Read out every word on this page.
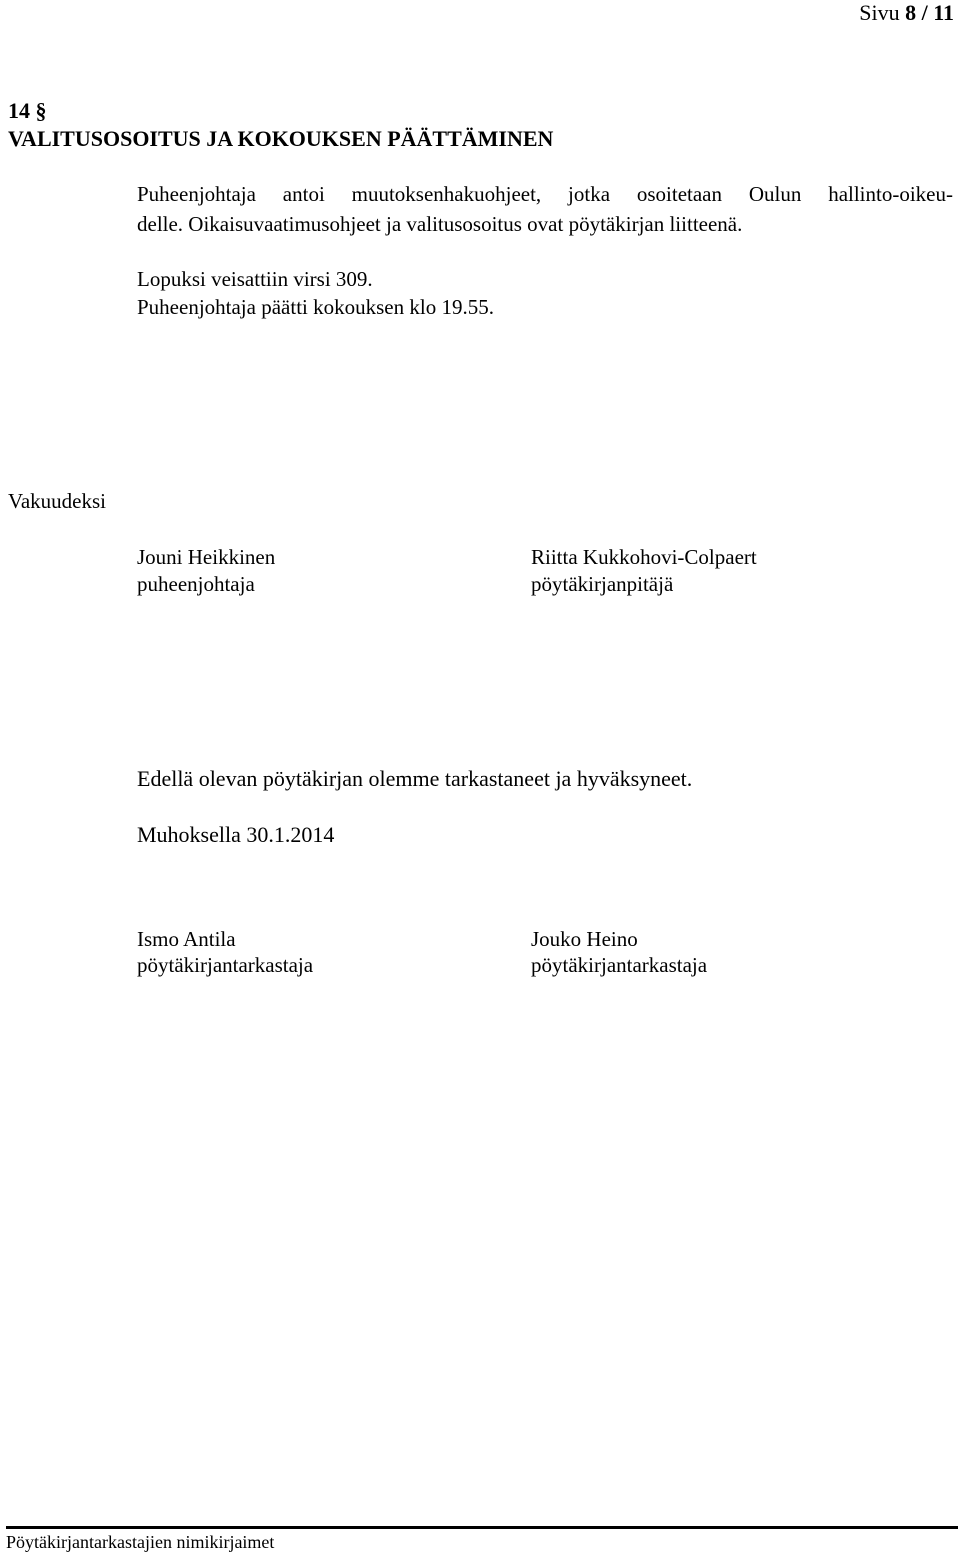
Sivu 8 / 11
14 §
VALITUSOSOITUS JA KOKOUKSEN PÄÄTTÄMINEN
Puheenjohtaja antoi muutoksenhakuohjeet, jotka osoitetaan Oulun hallinto-oikeu-
delle. Oikaisuvaatimusohjeet ja valitusosoitus ovat pöytäkirjan liitteenä.
Lopuksi veisattiin virsi 309.
Puheenjohtaja päätti kokouksen klo 19.55.
Vakuudeksi
Jouni Heikkinen
puheenjohtaja
Riitta Kukkohovi-Colpaert
pöytäkirjanpitäjä
Edellä olevan pöytäkirjan olemme tarkastaneet ja hyväksyneet.
Muhoksella 30.1.2014
Ismo Antila
pöytäkirjantarkastaja
Jouko Heino
pöytäkirjantarkastaja
Pöytäkirjantarkastajien nimikirjaimet
